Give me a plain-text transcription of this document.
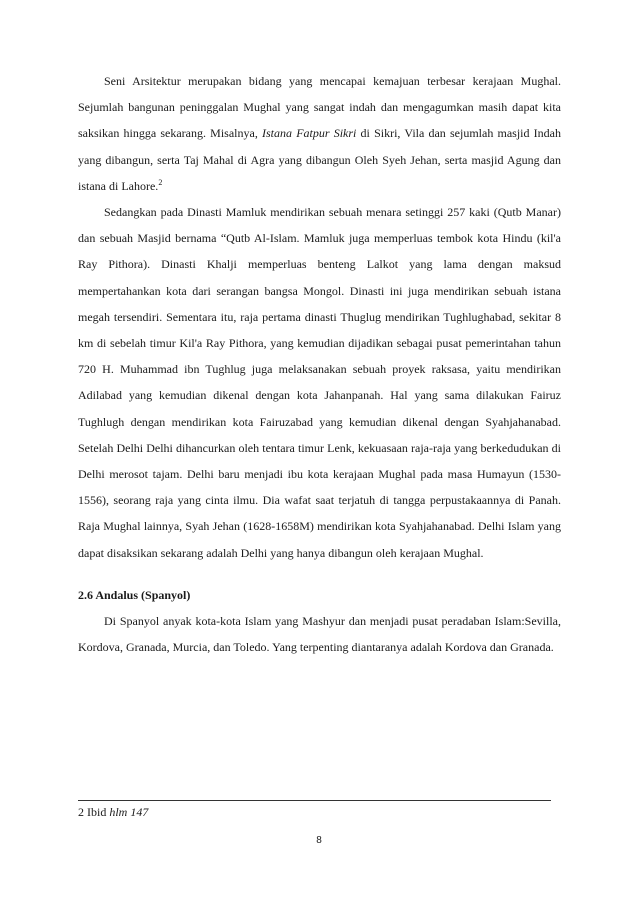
Seni Arsitektur merupakan bidang yang mencapai kemajuan terbesar kerajaan Mughal. Sejumlah bangunan peninggalan Mughal yang sangat indah dan mengagumkan masih dapat kita saksikan hingga sekarang. Misalnya, Istana Fatpur Sikri di Sikri, Vila dan sejumlah masjid Indah yang dibangun, serta Taj Mahal di Agra yang dibangun Oleh Syeh Jehan, serta masjid Agung dan istana di Lahore.$^2$

Sedangkan pada Dinasti Mamluk mendirikan sebuah menara setinggi 257 kaki (Qutb Manar) dan sebuah Masjid bernama “Qutb Al-Islam. Mamluk juga memperluas tembok kota Hindu (kil'a Ray Pithora). Dinasti Khalji memperluas benteng Lalkot yang lama dengan maksud mempertahankan kota dari serangan bangsa Mongol. Dinasti ini juga mendirikan sebuah istana megah tersendiri. Sementara itu, raja pertama dinasti Thuglug mendirikan Tughlughabad, sekitar 8 km di sebelah timur Kil'a Ray Pithora, yang kemudian dijadikan sebagai pusat pemerintahan tahun 720 H. Muhammad ibn Tughlug juga melaksanakan sebuah proyek raksasa, yaitu mendirikan Adilabad yang kemudian dikenal dengan kota Jahanpanah. Hal yang sama dilakukan Fairuz Tughlugh dengan mendirikan kota Fairuzabad yang kemudian dikenal dengan Syahjahanabad. Setelah Delhi Delhi dihancurkan oleh tentara timur Lenk, kekuasaan raja-raja yang berkedudukan di Delhi merosot tajam. Delhi baru menjadi ibu kota kerajaan Mughal pada masa Humayun (1530-1556), seorang raja yang cinta ilmu. Dia wafat saat terjatuh di tangga perpustakaannya di Panah. Raja Mughal lainnya, Syah Jehan (1628-1658M) mendirikan kota Syahjahanabad. Delhi Islam yang dapat disaksikan sekarang adalah Delhi yang hanya dibangun oleh kerajaan Mughal.

2.6 Andalus (Spanyol)

Di Spanyol anyak kota-kota Islam yang Mashyur dan menjadi pusat peradaban Islam:Sevilla, Kordova, Granada, Murcia, dan Toledo. Yang terpenting diantaranya adalah Kordova dan Granada.

2 Ibid hlm 147
8
